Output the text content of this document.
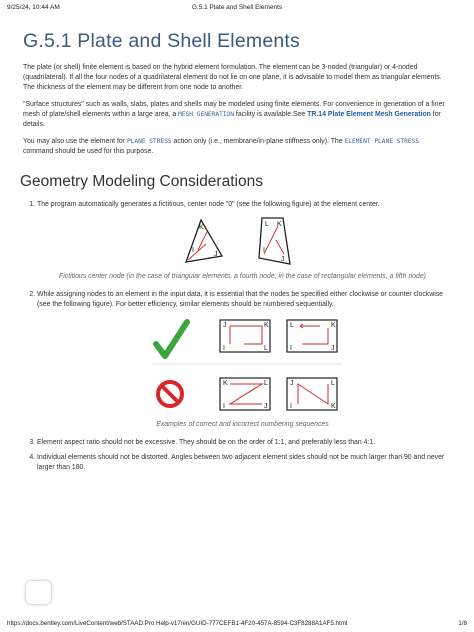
9/25/24, 10:44 AM	G.5.1 Plate and Shell Elements
G.5.1 Plate and Shell Elements

The plate (or shell) finite element is based on the hybrid element formulation. The element can be 3-noded (triangular) or 4-noded (quadrilateral). If all the four nodes of a quadrilateral element do not lie on one plane, it is advisable to model them as triangular elements. The thickness of the element may be different from one node to another.

"Surface structures" such as walls, slabs, plates and shells may be modeled using finite elements. For convenience in generation of a finer mesh of plate/shell elements within a large area, a MESH GENERATION facility is available.See TR.14 Plate Element Mesh Generation for details.

You may also use the element for PLANE STRESS action only (i.e., membrane/in-plane stiffness only). The ELEMENT PLANE STRESS command should be used for this purpose.

Geometry Modeling Considerations
1. The program automatically generates a fictitious, center node "0" (see the following figure) at the element center.
K
I
J
L K
I
J
Fictitious center node (in the case of triangular elements, a fourth node; in the case of rectangular elements, a fifth node)
2. While assigning nodes to an element in the input data, it is essential that the nodes be specified either clockwise or counter clockwise (see the following figure). For better efficiency, similar elements should be numbered sequentially.
J	K
I	L
L	K
I	J
K	L
I	J
J	L
I	K
Examples of correct and incorrect numbering sequences
3. Element aspect ratio should not be excessive. They should be on the order of 1:1, and preferably less than 4:1.
4. Individual elements should not be distorted. Angles between two adjacent element sides should not be much larger than 90 and never larger than 180.
https://docs.bentley.com/LiveContent/web/STAAD.Pro Help-v17/en/GUID-777CEFB1-4F20-457A-8594-C3F8288A1AF5.html	1/8
